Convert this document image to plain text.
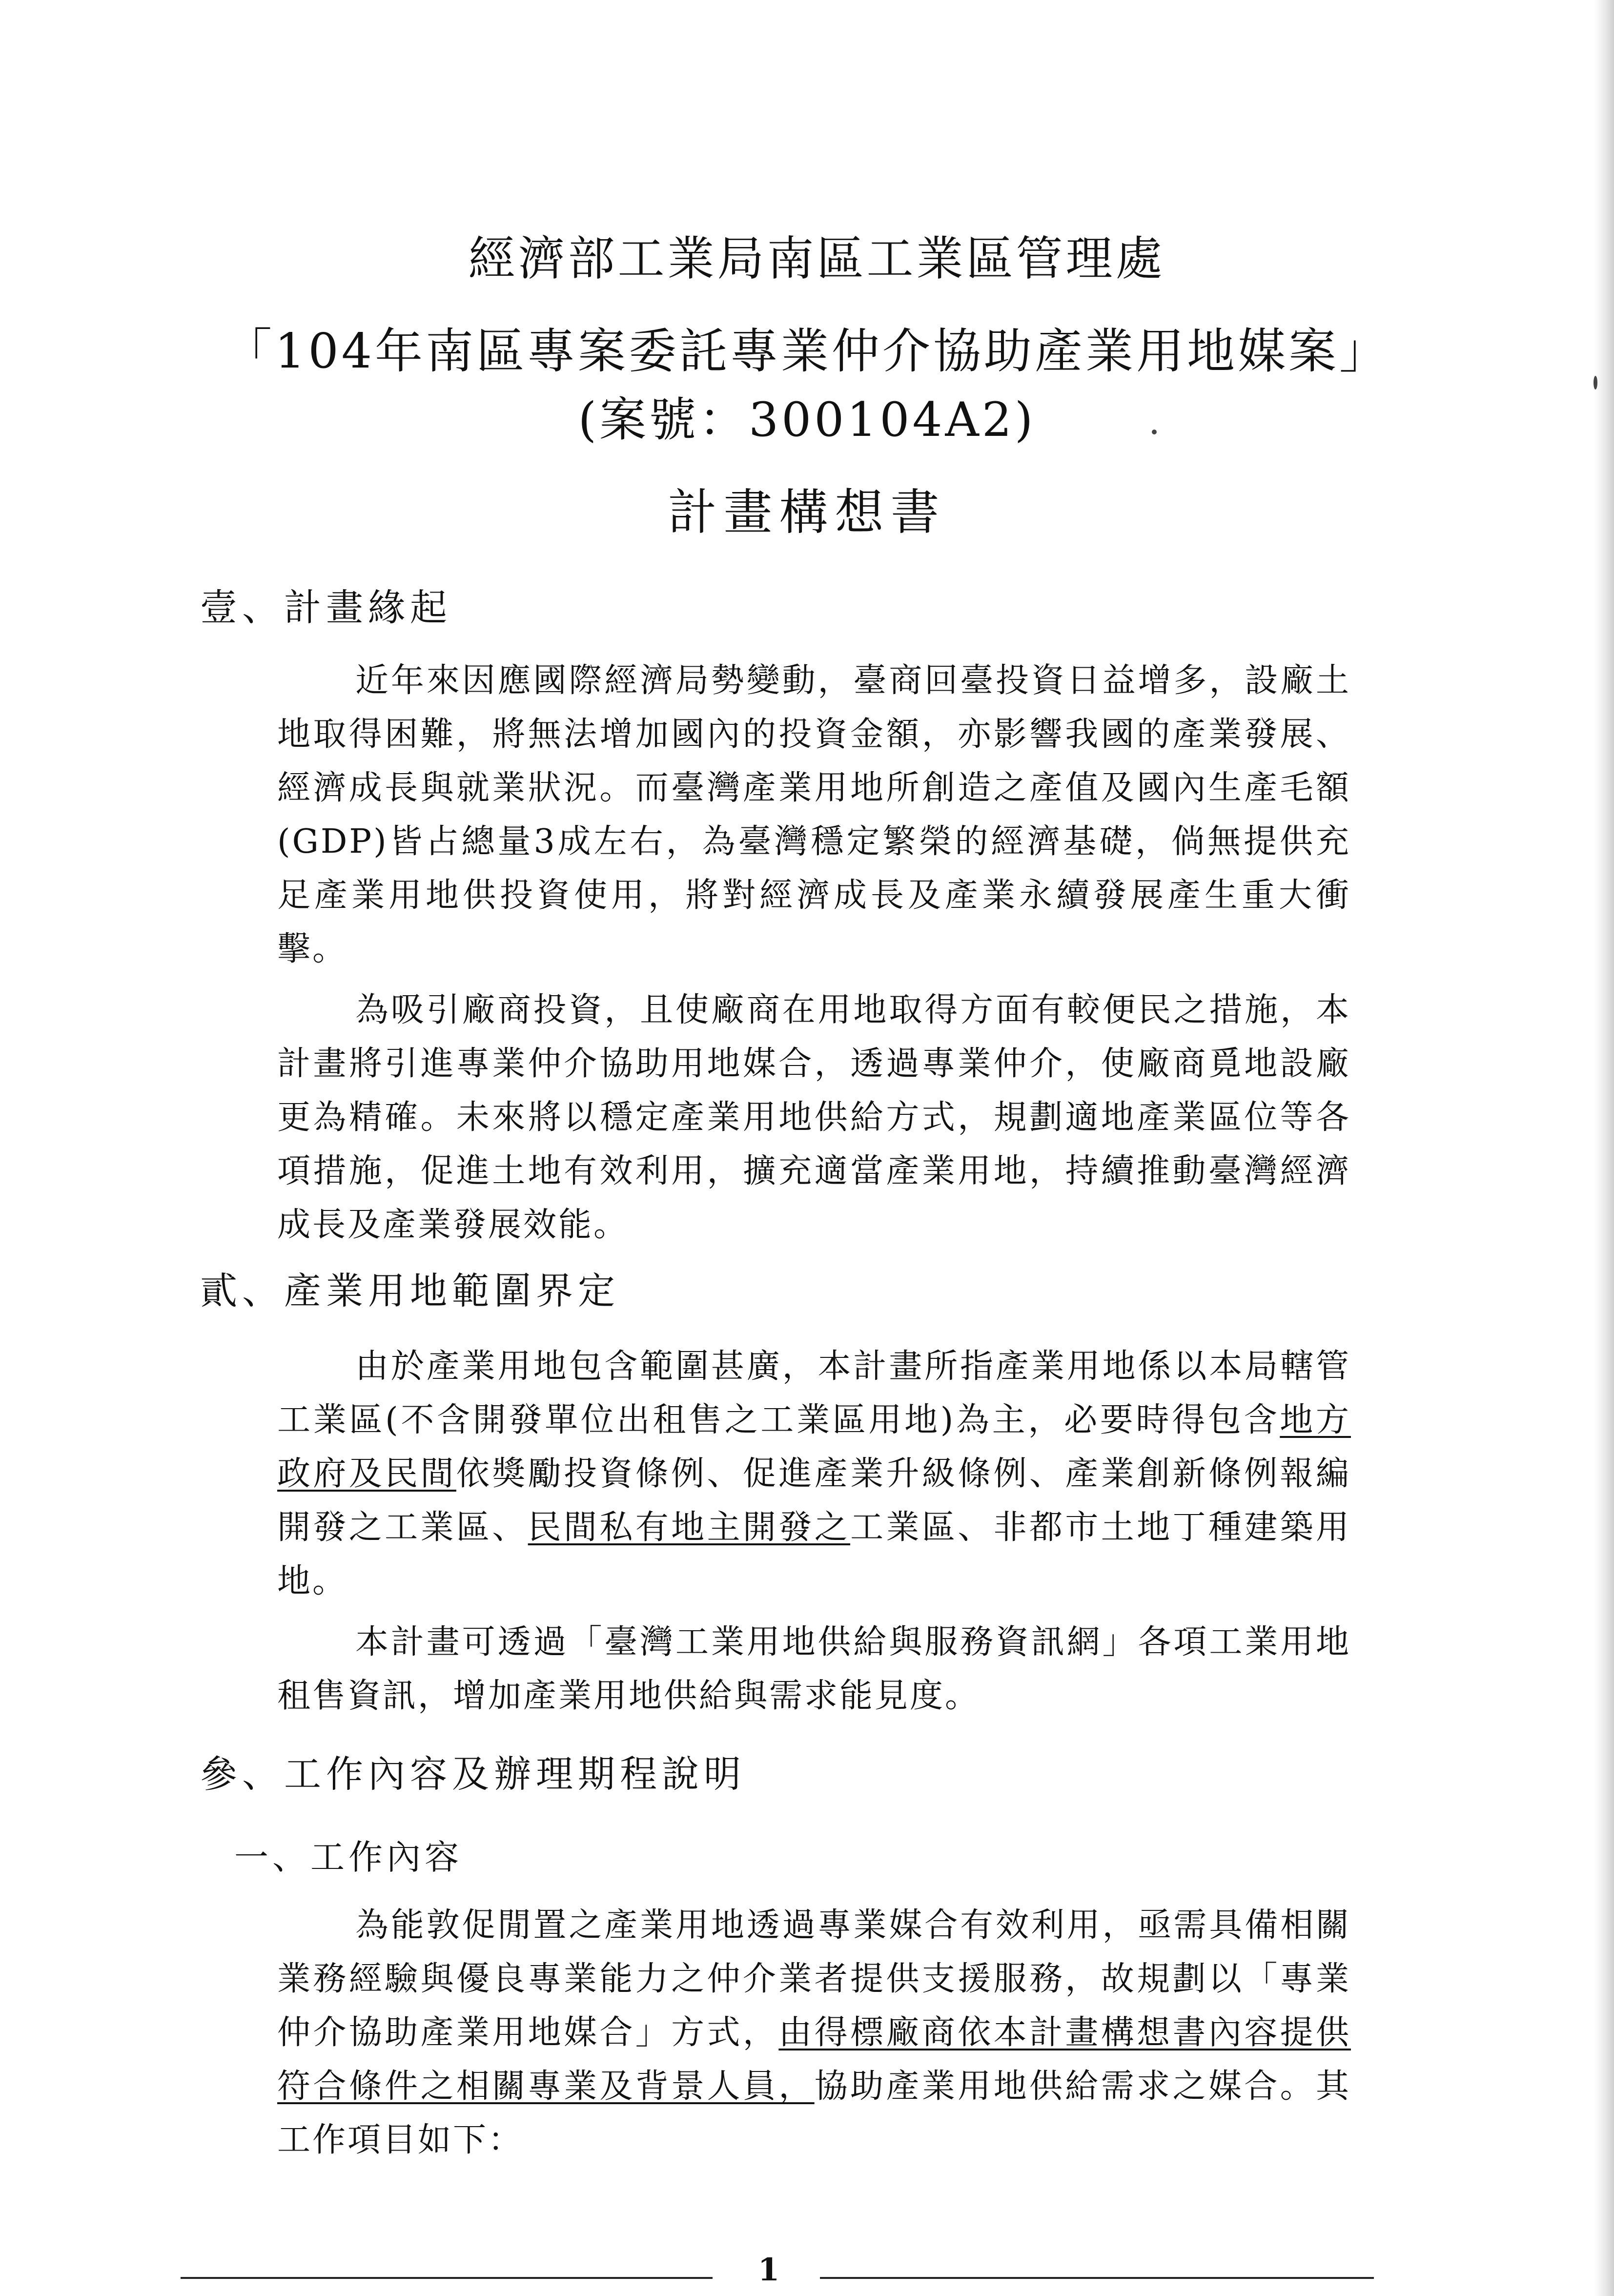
經濟部工業局南區工業區管理處
「104年南區專案委託專業仲介協助產業用地媒案」
(案號：300104A2)
計畫構想書
壹、計畫緣起
近年來因應國際經濟局勢變動，臺商回臺投資日益增多，設廠土地取得困難，將無法增加國內的投資金額，亦影響我國的產業發展、經濟成長與就業狀況。而臺灣產業用地所創造之產值及國內生產毛額(GDP)皆占總量3成左右，為臺灣穩定繁榮的經濟基礎，倘無提供充足產業用地供投資使用，將對經濟成長及產業永續發展產生重大衝擊。
為吸引廠商投資，且使廠商在用地取得方面有較便民之措施，本計畫將引進專業仲介協助用地媒合，透過專業仲介，使廠商覓地設廠更為精確。未來將以穩定產業用地供給方式，規劃適地產業區位等各項措施，促進土地有效利用，擴充適當產業用地，持續推動臺灣經濟成長及產業發展效能。
貳、產業用地範圍界定
由於產業用地包含範圍甚廣，本計畫所指產業用地係以本局轄管工業區(不含開發單位出租售之工業區用地)為主，必要時得包含地方政府及民間依獎勵投資條例、促進產業升級條例、產業創新條例報編開發之工業區、民間私有地主開發之工業區、非都市土地丁種建築用地。
本計畫可透過「臺灣工業用地供給與服務資訊網」各項工業用地租售資訊，增加產業用地供給與需求能見度。
參、工作內容及辦理期程說明
一、工作內容
為能敦促閒置之產業用地透過專業媒合有效利用，亟需具備相關業務經驗與優良專業能力之仲介業者提供支援服務，故規劃以「專業仲介協助產業用地媒合」方式，由得標廠商依本計畫構想書內容提供符合條件之相關專業及背景人員，協助產業用地供給需求之媒合。其工作項目如下：
1
